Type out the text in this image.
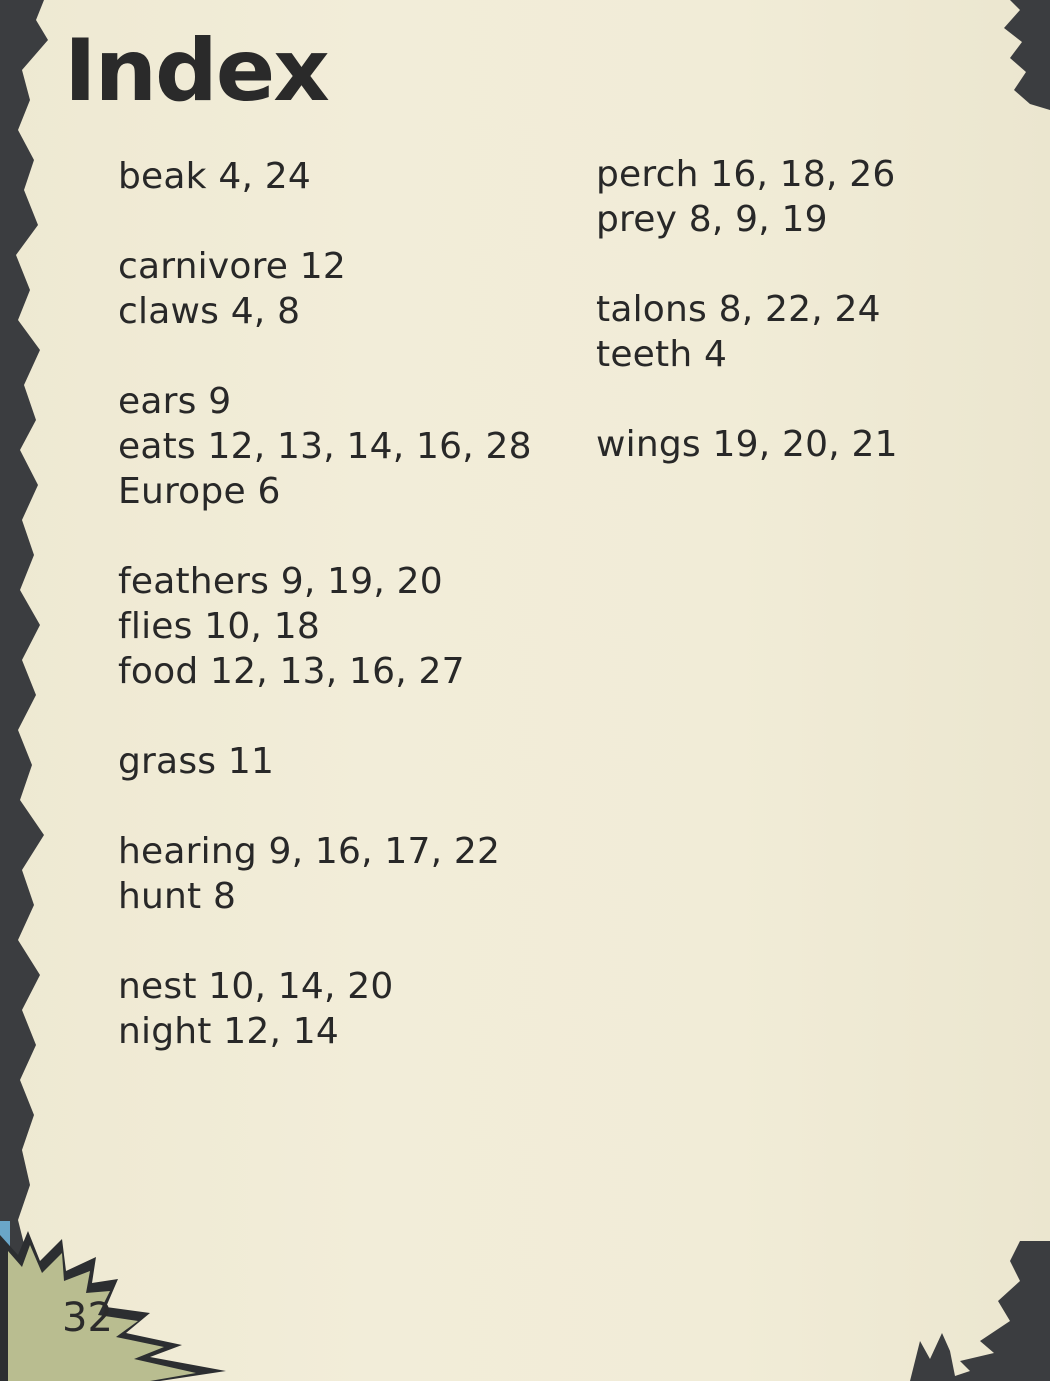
Index
beak 4, 24
carnivore 12
claws 4, 8
ears 9
eats 12, 13, 14, 16, 28
Europe 6
feathers 9, 19, 20
flies 10, 18
food 12, 13, 16, 27
grass 11
hearing 9, 16, 17, 22
hunt 8
nest 10, 14, 20
night 12, 14
perch 16, 18, 26
prey 8, 9, 19
talons 8, 22, 24
teeth 4
wings 19, 20, 21
32
